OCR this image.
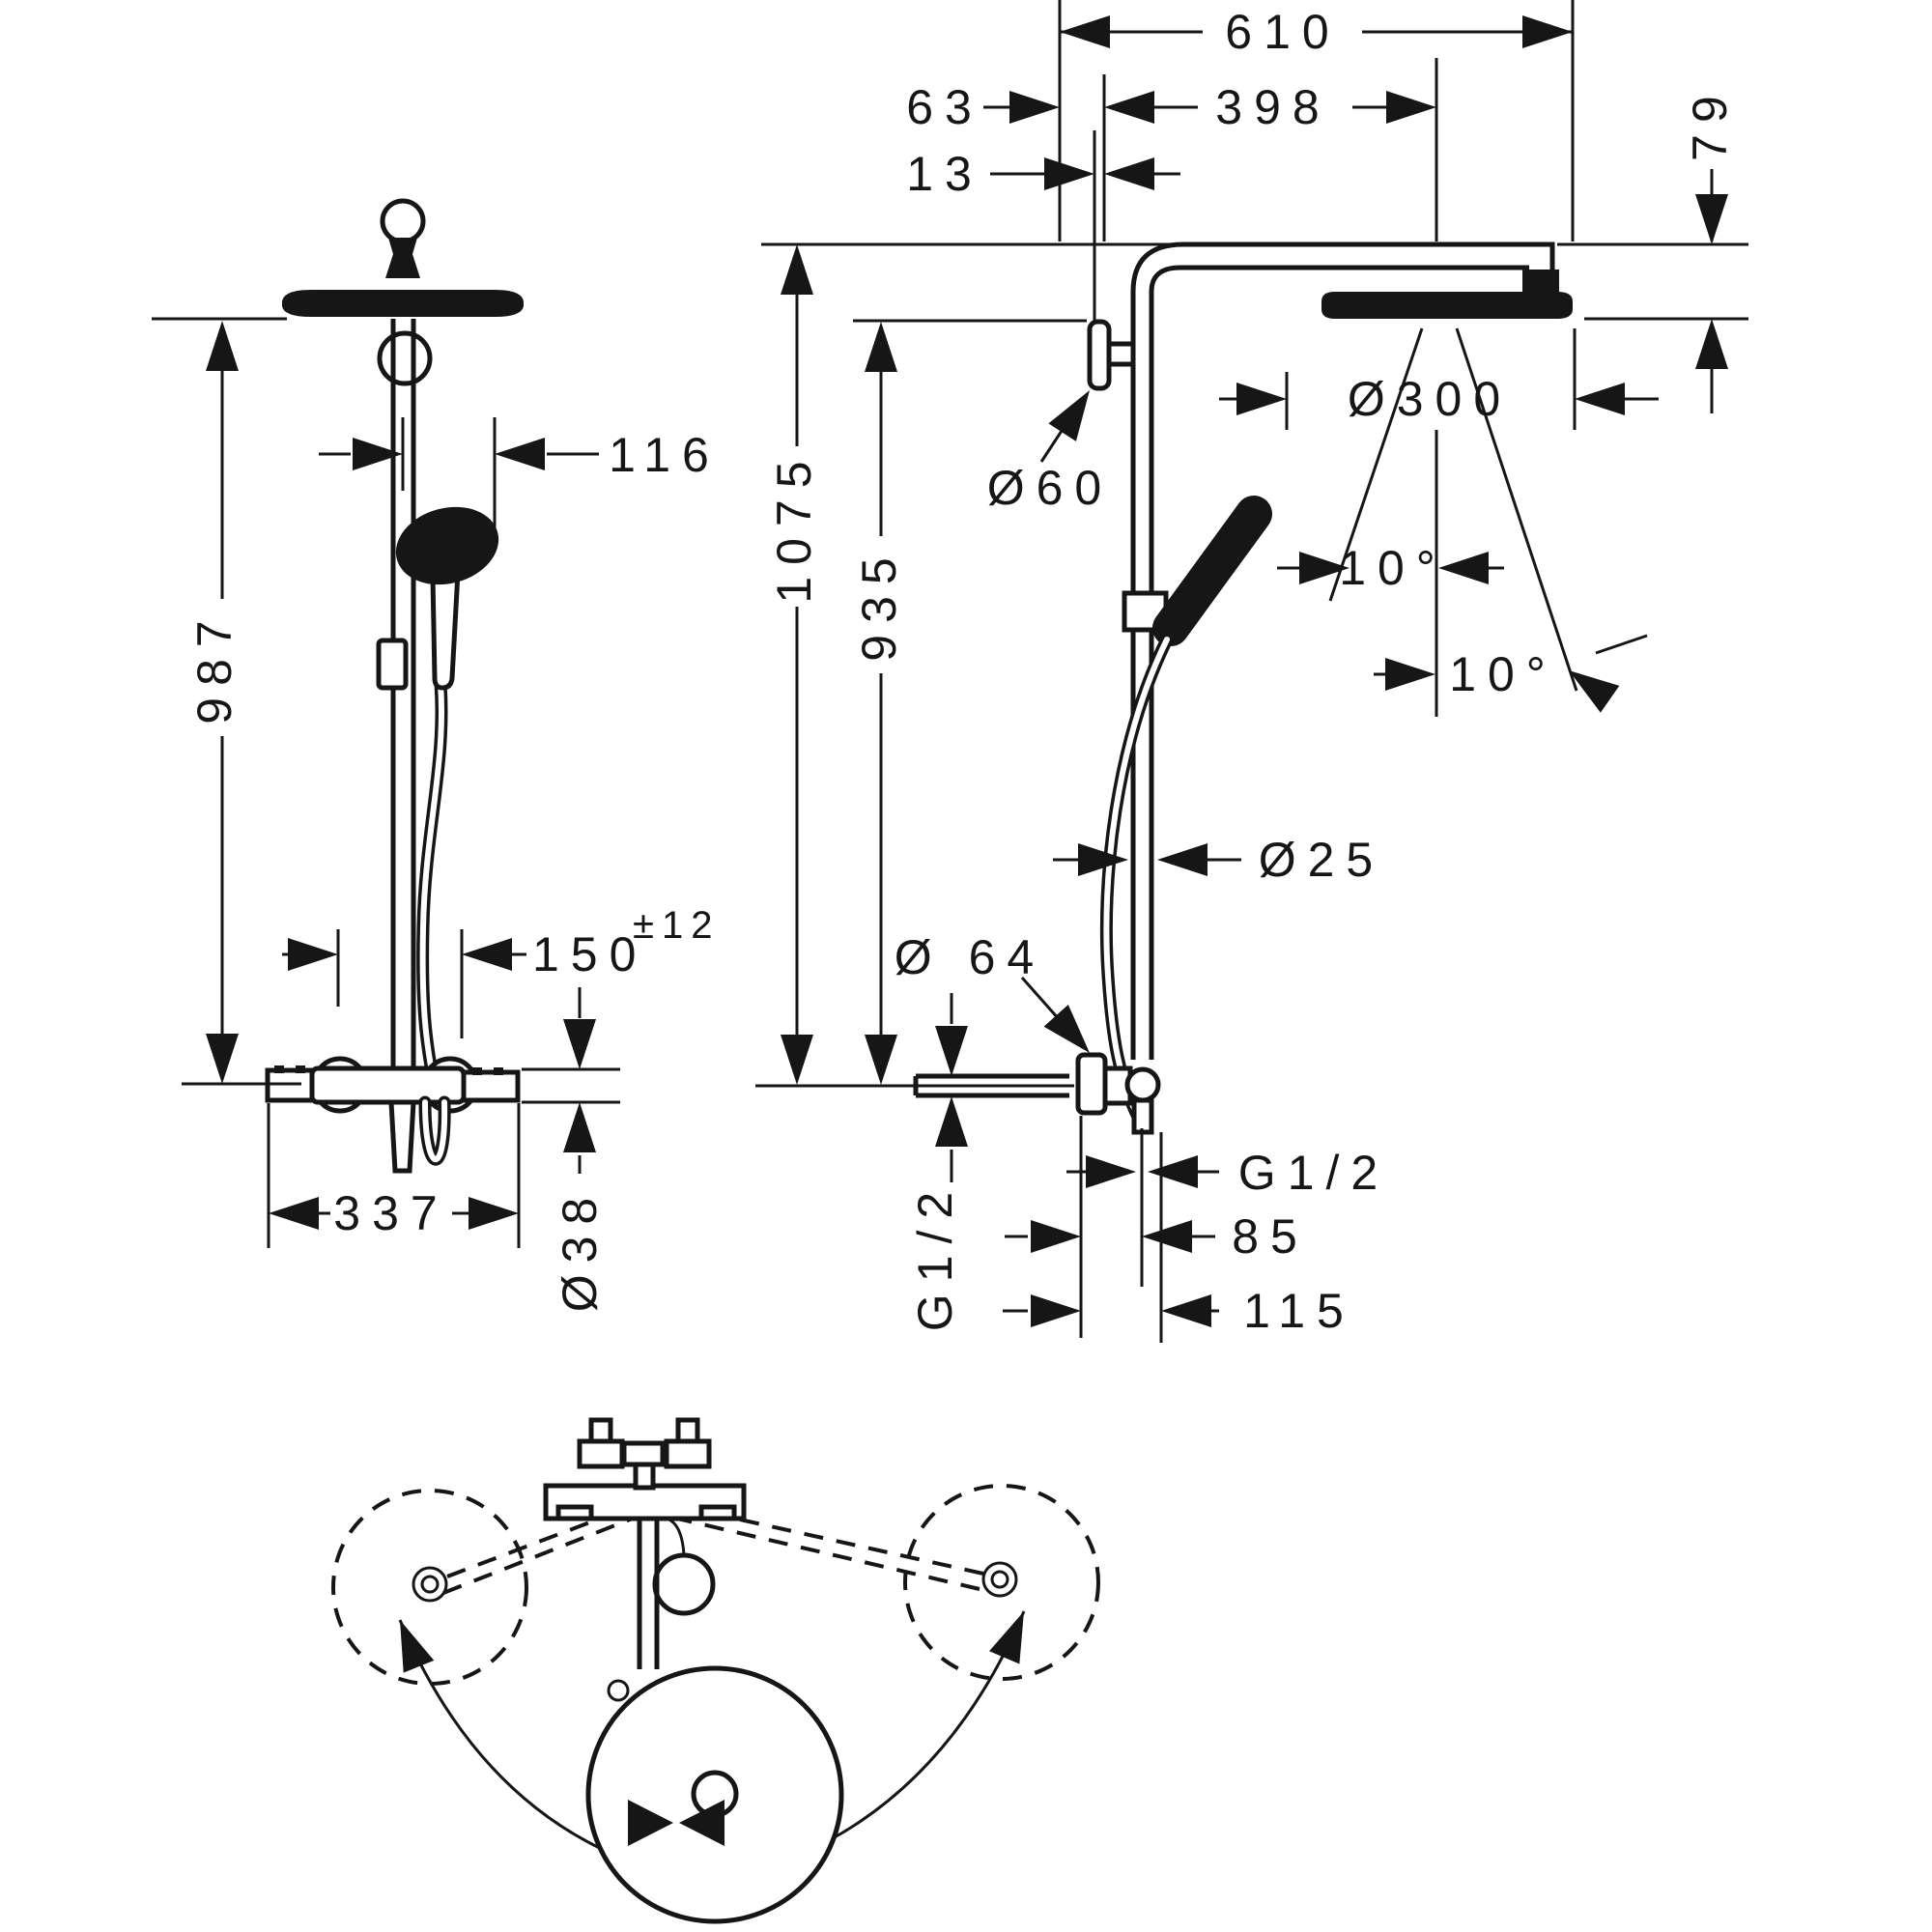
610
63	398
13
79
Ø60
Ø300
10°
10°
1075
935
Ø25
Ø 64
G1/2
G1/2
85
115
116
987
150
±12
337 Ø38
